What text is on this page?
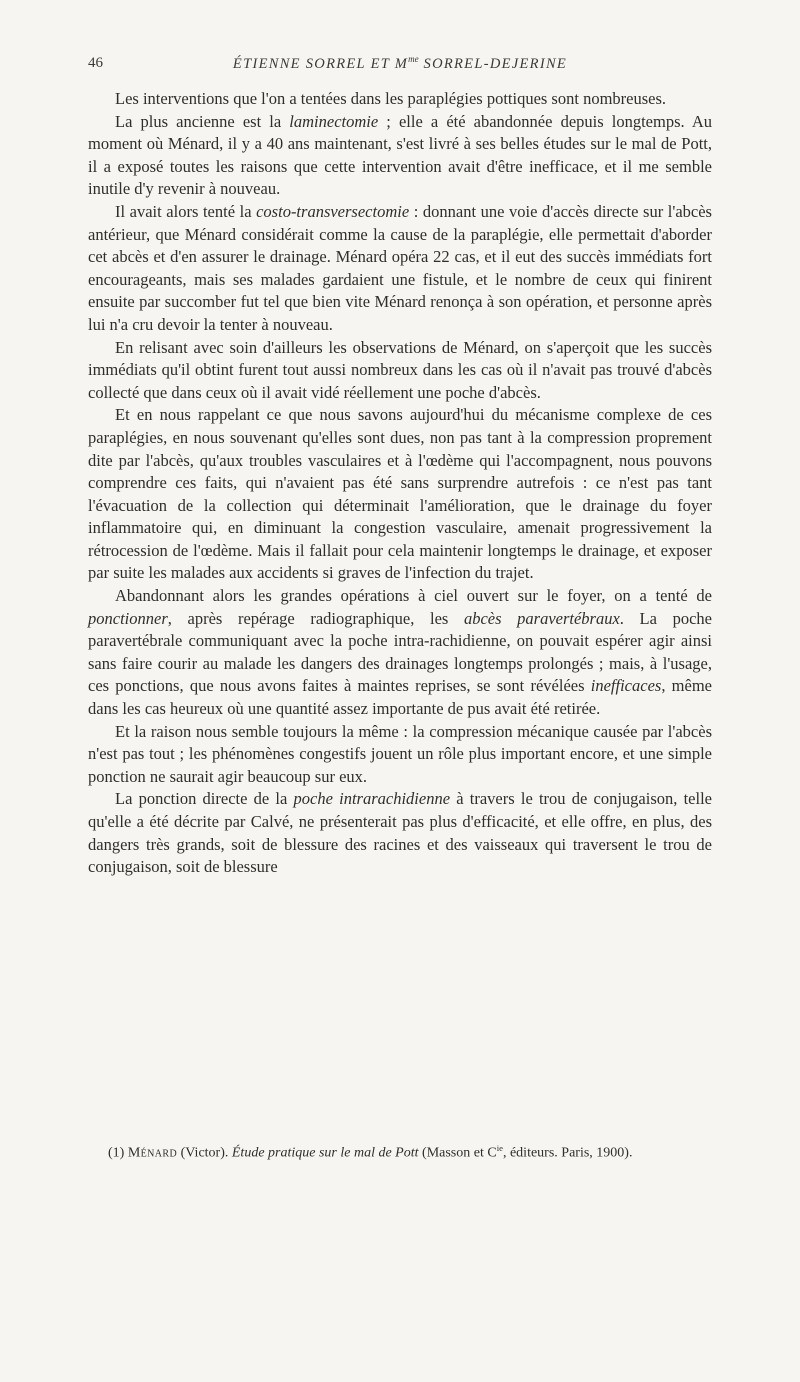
46	ÉTIENNE SORREL ET $M^{me}$ SORREL-DEJERINE

Les interventions que l'on a tentées dans les paraplégies pottiques sont nombreuses.

La plus ancienne est la laminectomie ; elle a été abandonnée depuis longtemps. Au moment où Ménard, il y a 40 ans maintenant, s'est livré à ses belles études sur le mal de Pott, il a exposé toutes les raisons que cette intervention avait d'être inefficace, et il me semble inutile d'y revenir à nouveau.

Il avait alors tenté la costo-transversectomie : donnant une voie d'accès directe sur l'abcès antérieur, que Ménard considérait comme la cause de la paraplégie, elle permettait d'aborder cet abcès et d'en assurer le drainage. Ménard opéra 22 cas, et il eut des succès immédiats fort encourageants, mais ses malades gardaient une fistule, et le nombre de ceux qui finirent ensuite par succomber fut tel que bien vite Ménard renonça à son opération, et personne après lui n'a cru devoir la tenter à nouveau.

En relisant avec soin d'ailleurs les observations de Ménard, on s'aperçoit que les succès immédiats qu'il obtint furent tout aussi nombreux dans les cas où il n'avait pas trouvé d'abcès collecté que dans ceux où il avait vidé réellement une poche d'abcès.

Et en nous rappelant ce que nous savons aujourd'hui du mécanisme complexe de ces paraplégies, en nous souvenant qu'elles sont dues, non pas tant à la compression proprement dite par l'abcès, qu'aux troubles vasculaires et à l'œdème qui l'accompagnent, nous pouvons comprendre ces faits, qui n'avaient pas été sans surprendre autrefois : ce n'est pas tant l'évacuation de la collection qui déterminait l'amélioration, que le drainage du foyer inflammatoire qui, en diminuant la congestion vasculaire, amenait progressivement la rétrocession de l'œdème. Mais il fallait pour cela maintenir longtemps le drainage, et exposer par suite les malades aux accidents si graves de l'infection du trajet.

Abandonnant alors les grandes opérations à ciel ouvert sur le foyer, on a tenté de ponctionner, après repérage radiographique, les abcès paravertébraux. La poche paravertébrale communiquant avec la poche intra-rachidienne, on pouvait espérer agir ainsi sans faire courir au malade les dangers des drainages longtemps prolongés ; mais, à l'usage, ces ponctions, que nous avons faites à maintes reprises, se sont révélées inefficaces, même dans les cas heureux où une quantité assez importante de pus avait été retirée.

Et la raison nous semble toujours la même : la compression mécanique causée par l'abcès n'est pas tout ; les phénomènes congestifs jouent un rôle plus important encore, et une simple ponction ne saurait agir beaucoup sur eux.

La ponction directe de la poche intrarachidienne à travers le trou de conjugaison, telle qu'elle a été décrite par Calvé, ne présenterait pas plus d'efficacité, et elle offre, en plus, des dangers très grands, soit de blessure des racines et des vaisseaux qui traversent le trou de conjugaison, soit de blessure

(1) Ménard (Victor). Étude pratique sur le mal de Pott (Masson et $C^{ie}$, éditeurs. Paris, 1900).
